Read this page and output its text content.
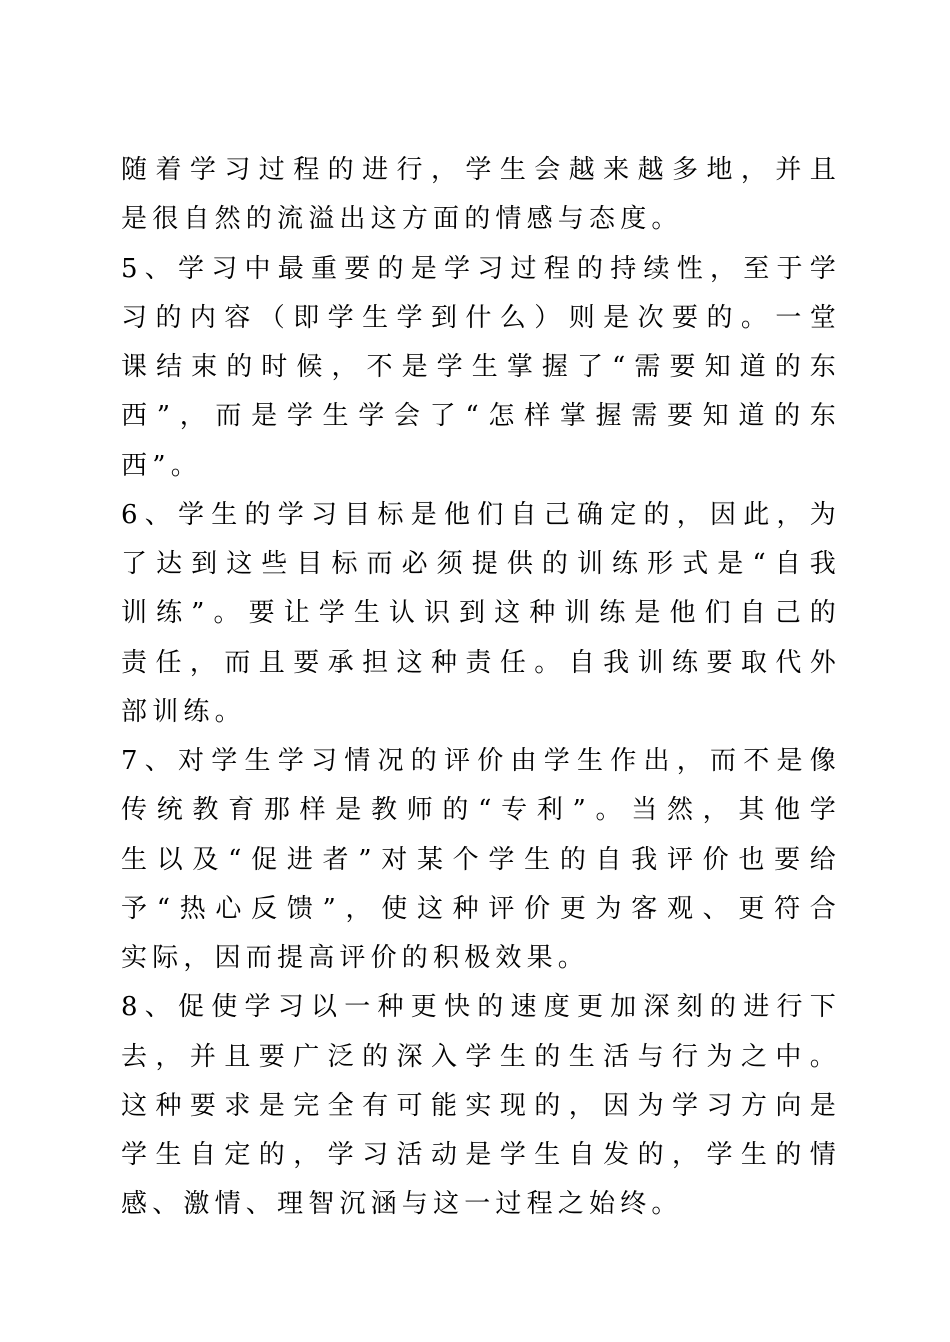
随着学习过程的进行，学生会越来越多地，并且
是很自然的流溢出这方面的情感与态度。
5、学习中最重要的是学习过程的持续性，至于学
习的内容（即学生学到什么）则是次要的。一堂
课结束的时候，不是学生掌握了“需要知道的东
西”，而是学生学会了“怎样掌握需要知道的东
西”。
6、学生的学习目标是他们自己确定的，因此，为
了达到这些目标而必须提供的训练形式是“自我
训练”。要让学生认识到这种训练是他们自己的
责任，而且要承担这种责任。自我训练要取代外
部训练。
7、对学生学习情况的评价由学生作出，而不是像
传统教育那样是教师的“专利”。当然，其他学
生以及“促进者”对某个学生的自我评价也要给
予“热心反馈”，使这种评价更为客观、更符合
实际，因而提高评价的积极效果。
8、促使学习以一种更快的速度更加深刻的进行下
去，并且要广泛的深入学生的生活与行为之中。
这种要求是完全有可能实现的，因为学习方向是
学生自定的，学习活动是学生自发的，学生的情
感、激情、理智沉涵与这一过程之始终。
